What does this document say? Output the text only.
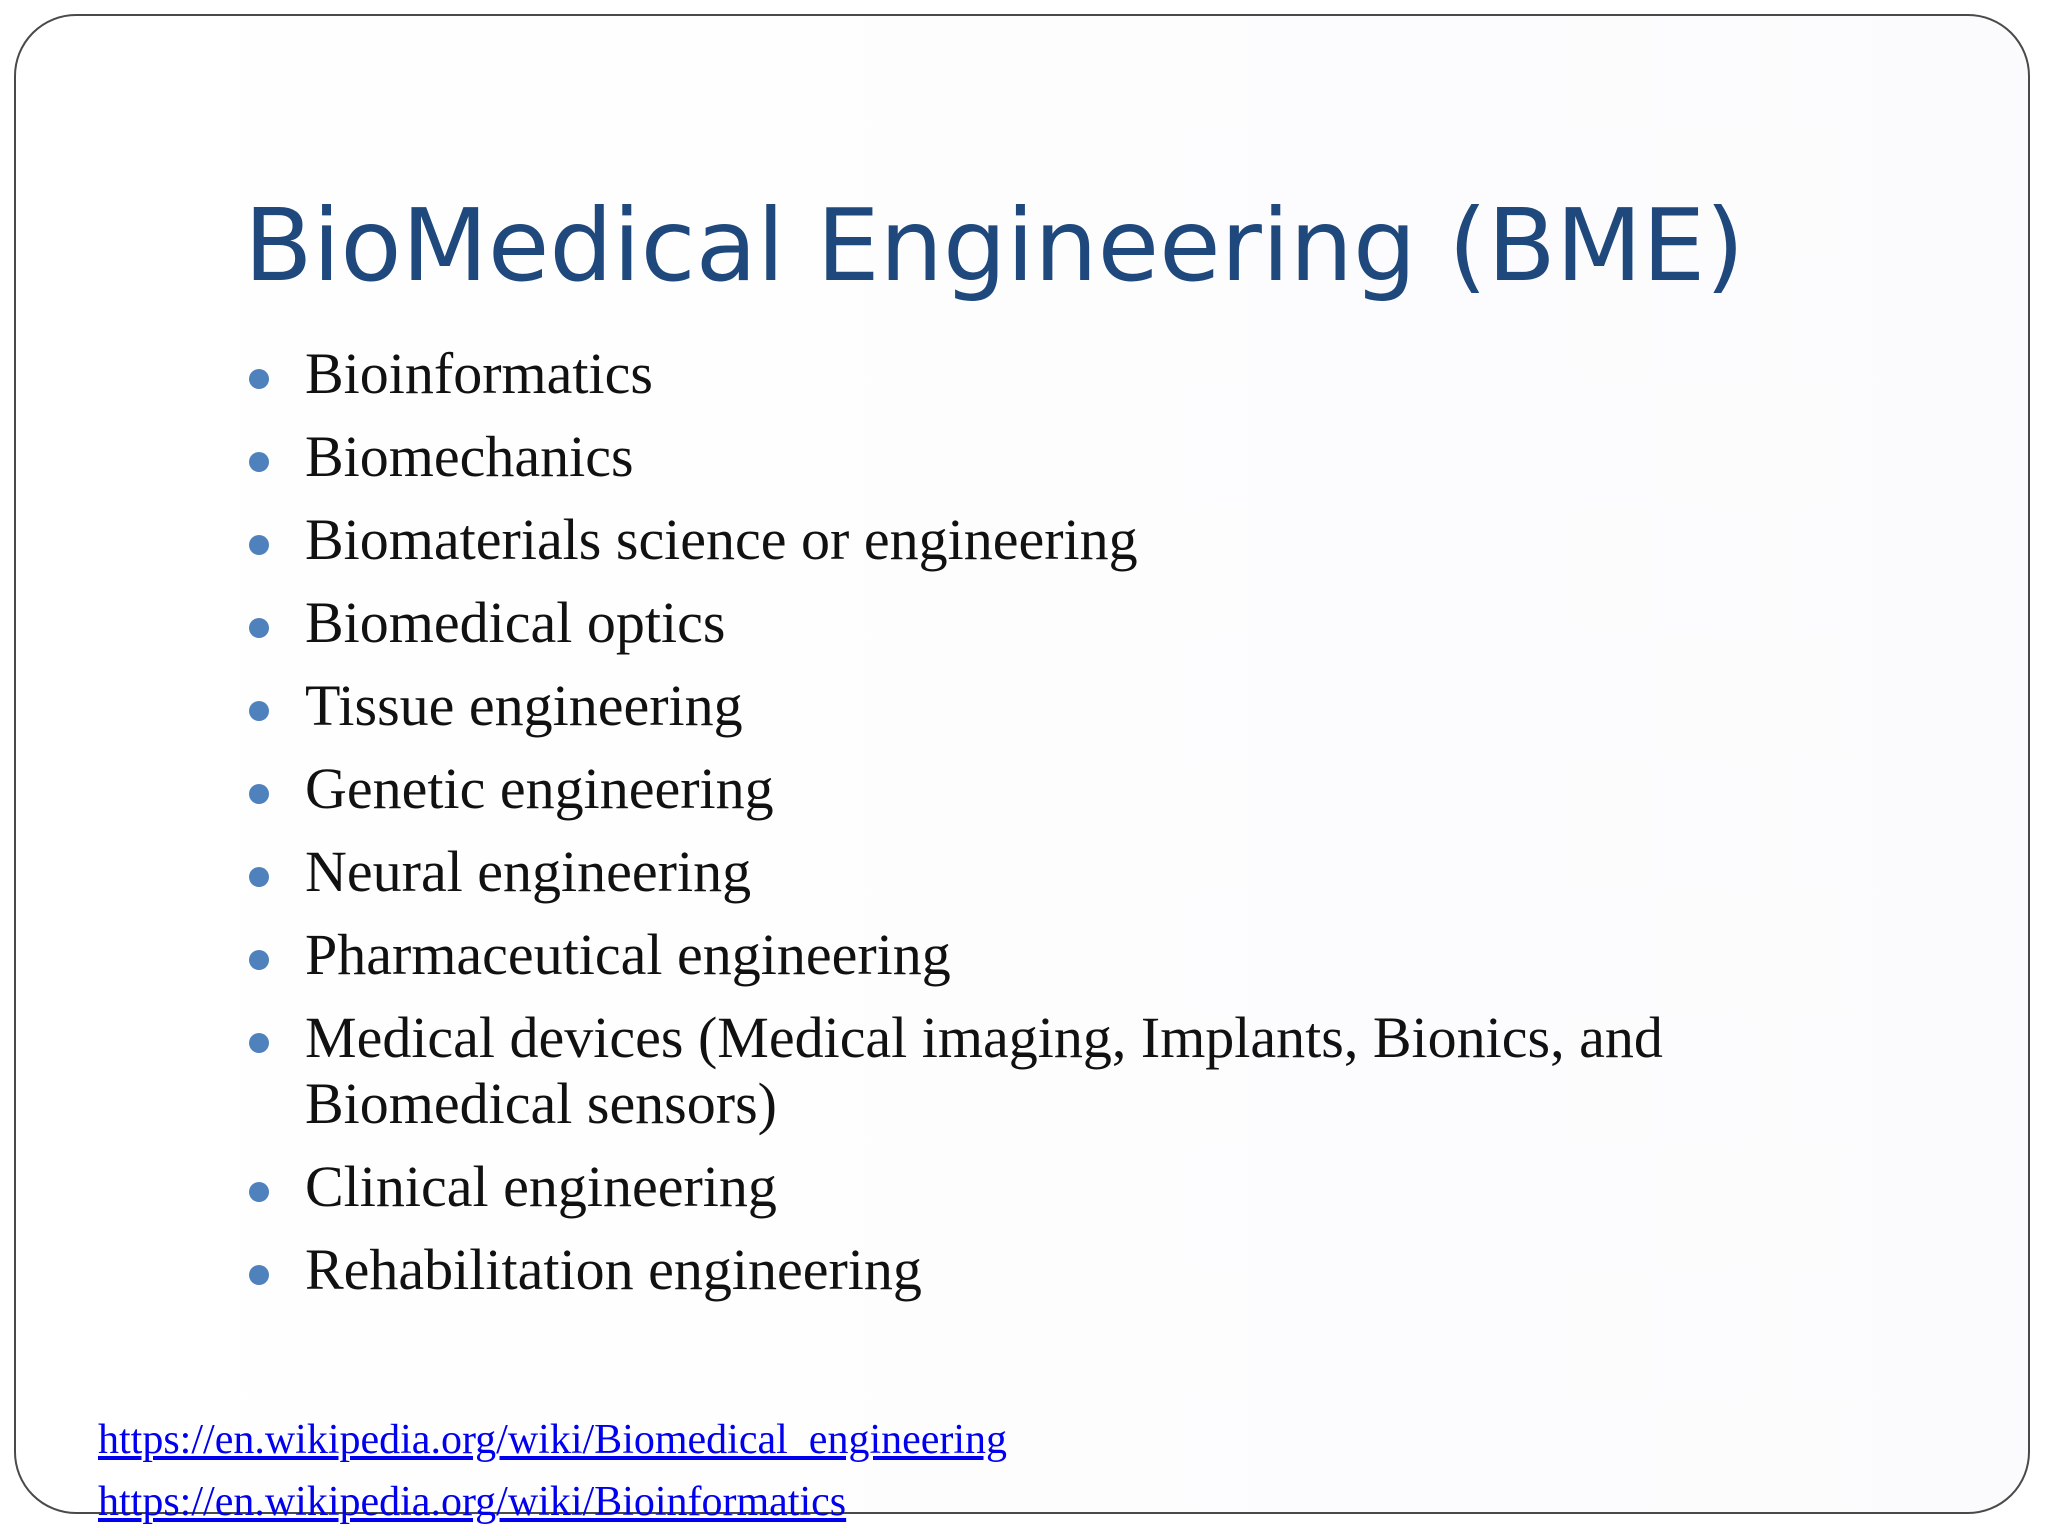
BioMedical Engineering (BME)
Bioinformatics
Biomechanics
Biomaterials science or engineering
Biomedical optics
Tissue engineering
Genetic engineering
Neural engineering
Pharmaceutical engineering
Medical devices (Medical imaging, Implants, Bionics, and Biomedical sensors)
Clinical engineering
Rehabilitation engineering
https://en.wikipedia.org/wiki/Biomedical_engineering
https://en.wikipedia.org/wiki/Bioinformatics
